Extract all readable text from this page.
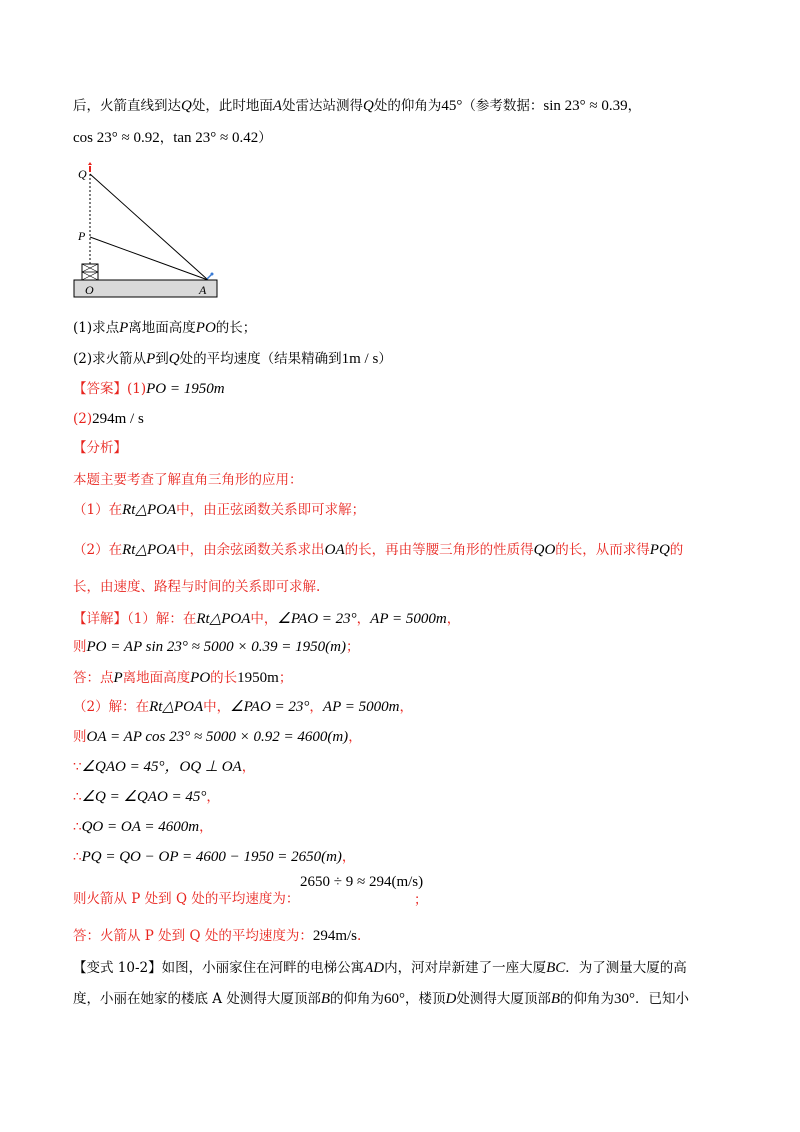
后，火箭直线到达Q处，此时地面A处雷达站测得Q处的仰角为45°（参考数据：sin 23° ≈ 0.39，
cos 23° ≈ 0.92，tan 23° ≈ 0.42）
Q
P
O	A
(1)求点P离地面高度PO的长；
(2)求火箭从P到Q处的平均速度（结果精确到1m / s）
【答案】(1)PO = 1950m
(2)294m / s
【分析】
本题主要考查了解直角三角形的应用：
（1）在Rt△POA中，由正弦函数关系即可求解；
（2）在Rt△POA中，由余弦函数关系求出OA的长，再由等腰三角形的性质得QO的长，从而求得PQ的
长，由速度、路程与时间的关系即可求解.
【详解】（1）解：在Rt△POA中，∠PAO = 23°，AP = 5000m，
则PO = AP sin 23° ≈ 5000 × 0.39 = 1950(m)；
答：点P离地面高度PO的长1950m；
（2）解：在Rt△POA中，∠PAO = 23°，AP = 5000m，
则OA = AP cos 23° ≈ 5000 × 0.92 = 4600(m)，
∵∠QAO = 45°，OQ ⊥ OA，
∴∠Q = ∠QAO = 45°，
∴QO = OA = 4600m，
∴PQ = QO − OP = 4600 − 1950 = 2650(m)，
2650 ÷ 9 ≈ 294(m/s)
则火箭从 P 处到 Q 处的平均速度为：	；
答：火箭从 P 处到 Q 处的平均速度为：294m/s.
【变式 10-2】如图，小丽家住在河畔的电梯公寓AD内，河对岸新建了一座大厦BC．为了测量大厦的高
度，小丽在她家的楼底 A 处测得大厦顶部B的仰角为60°，楼顶D处测得大厦顶部B的仰角为30°．已知小
